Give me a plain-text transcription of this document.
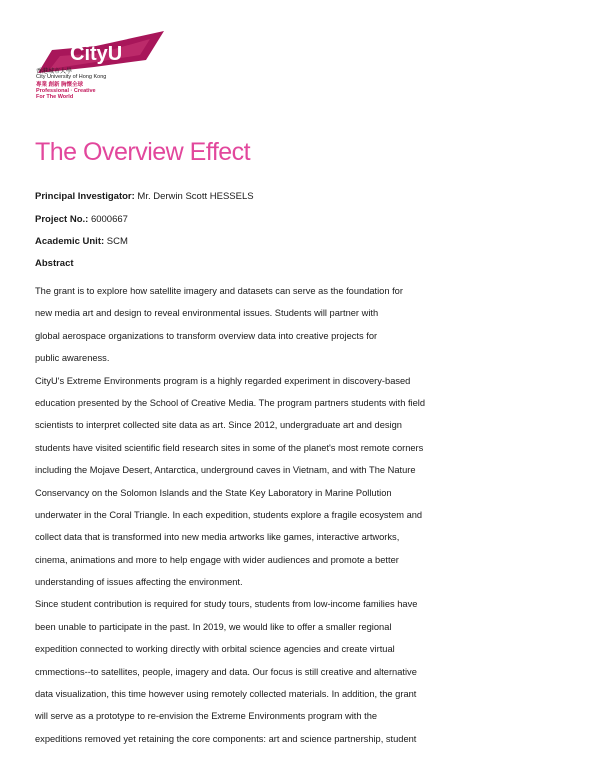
CityU
香港城市大學
City University of Hong Kong
專業 創新 胸懷全球
Professional · Creative
For The World
The Overview Effect
Principal Investigator: Mr. Derwin Scott HESSELS
Project No.: 6000667
Academic Unit: SCM
Abstract
The grant is to explore how satellite imagery and datasets can serve as the foundation for
new media art and design to reveal environmental issues. Students will partner with
global aerospace organizations to transform overview data into creative projects for
public awareness.
CityU's Extreme Environments program is a highly regarded experiment in discovery-based
education presented by the School of Creative Media. The program partners students with field
scientists to interpret collected site data as art. Since 2012, undergraduate art and design
students have visited scientific field research sites in some of the planet's most remote corners
including the Mojave Desert, Antarctica, underground caves in Vietnam, and with The Nature
Conservancy on the Solomon Islands and the State Key Laboratory in Marine Pollution
underwater in the Coral Triangle. In each expedition, students explore a fragile ecosystem and
collect data that is transformed into new media artworks like games, interactive artworks,
cinema, animations and more to help engage with wider audiences and promote a better
understanding of issues affecting the environment.
Since student contribution is required for study tours, students from low-income families have
been unable to participate in the past. In 2019, we would like to offer a smaller regional
expedition connected to working directly with orbital science agencies and create virtual
cmmections--to satellites, people, imagery and data. Our focus is still creative and alternative
data visualization, this time however using remotely collected materials. In addition, the grant
will serve as a prototype to re-envision the Extreme Environments program with the
expeditions removed yet retaining the core components: art and science partnership, student
